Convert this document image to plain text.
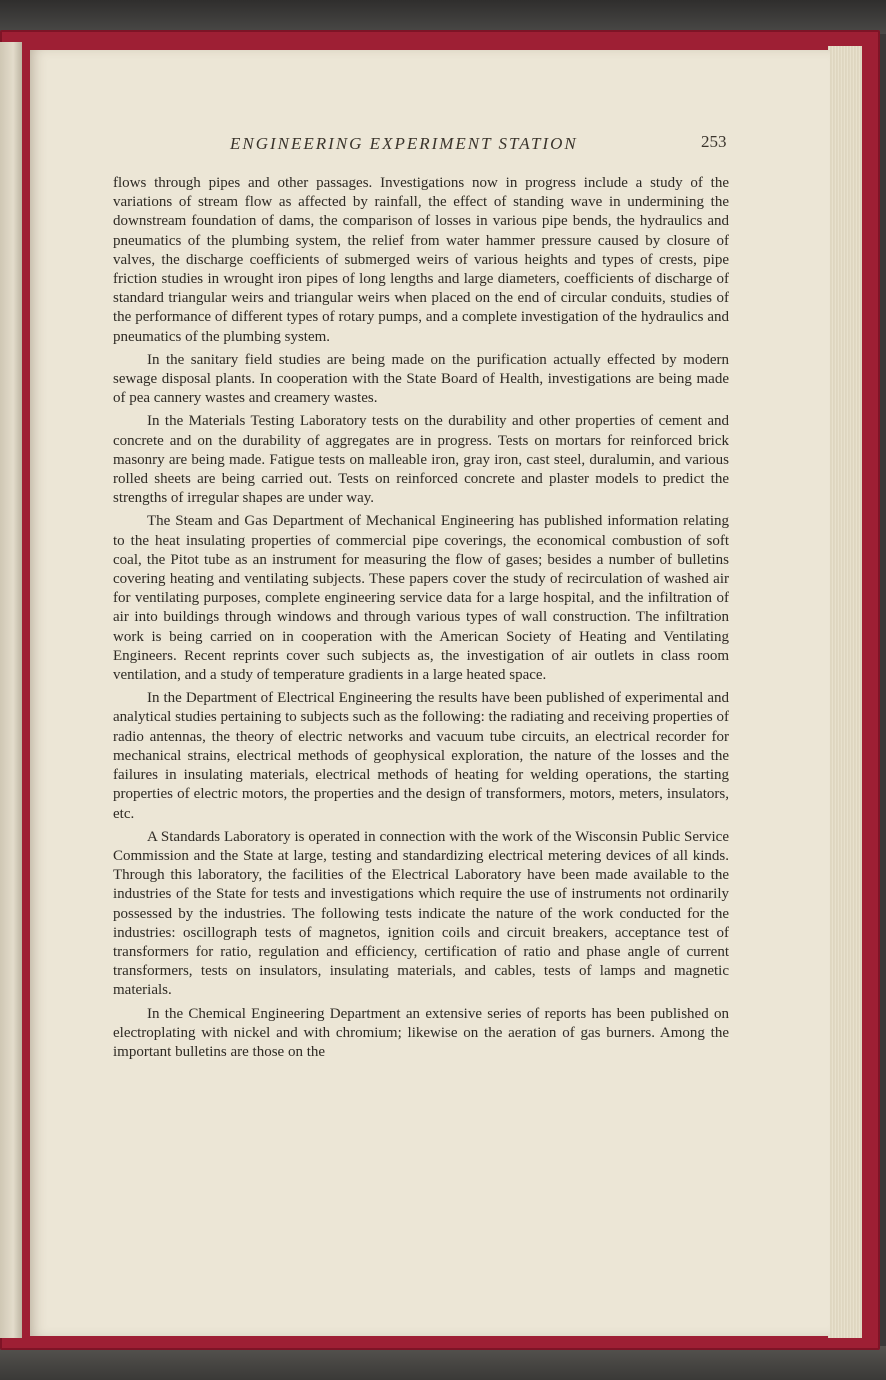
ENGINEERING EXPERIMENT STATION	253

flows through pipes and other passages. Investigations now in progress include a study of the variations of stream flow as affected by rainfall, the effect of standing wave in undermining the downstream foundation of dams, the comparison of losses in various pipe bends, the hydraulics and pneumatics of the plumbing system, the relief from water hammer pressure caused by closure of valves, the discharge coefficients of submerged weirs of various heights and types of crests, pipe friction studies in wrought iron pipes of long lengths and large diameters, coefficients of discharge of standard triangular weirs and triangular weirs when placed on the end of circular conduits, studies of the performance of different types of rotary pumps, and a complete investigation of the hydraulics and pneumatics of the plumbing system.

In the sanitary field studies are being made on the purification actually effected by modern sewage disposal plants. In cooperation with the State Board of Health, investigations are being made of pea cannery wastes and creamery wastes.

In the Materials Testing Laboratory tests on the durability and other properties of cement and concrete and on the durability of aggregates are in progress. Tests on mortars for reinforced brick masonry are being made. Fatigue tests on malleable iron, gray iron, cast steel, duralumin, and various rolled sheets are being carried out. Tests on reinforced concrete and plaster models to predict the strengths of irregular shapes are under way.

The Steam and Gas Department of Mechanical Engineering has published information relating to the heat insulating properties of commercial pipe coverings, the economical combustion of soft coal, the Pitot tube as an instrument for measuring the flow of gases; besides a number of bulletins covering heating and ventilating subjects. These papers cover the study of recirculation of washed air for ventilating purposes, complete engineering service data for a large hospital, and the infiltration of air into buildings through windows and through various types of wall construction. The infiltration work is being carried on in cooperation with the American Society of Heating and Ventilating Engineers. Recent reprints cover such subjects as, the investigation of air outlets in class room ventilation, and a study of temperature gradients in a large heated space.

In the Department of Electrical Engineering the results have been published of experimental and analytical studies pertaining to subjects such as the following: the radiating and receiving properties of radio antennas, the theory of electric networks and vacuum tube circuits, an electrical recorder for mechanical strains, electrical methods of geophysical exploration, the nature of the losses and the failures in insulating materials, electrical methods of heating for welding operations, the starting properties of electric motors, the properties and the design of transformers, motors, meters, insulators, etc.

A Standards Laboratory is operated in connection with the work of the Wisconsin Public Service Commission and the State at large, testing and standardizing electrical metering devices of all kinds. Through this laboratory, the facilities of the Electrical Laboratory have been made available to the industries of the State for tests and investigations which require the use of instruments not ordinarily possessed by the industries. The following tests indicate the nature of the work conducted for the industries: oscillograph tests of magnetos, ignition coils and circuit breakers, acceptance test of transformers for ratio, regulation and efficiency, certification of ratio and phase angle of current transformers, tests on insulators, insulating materials, and cables, tests of lamps and magnetic materials.

In the Chemical Engineering Department an extensive series of reports has been published on electroplating with nickel and with chromium; likewise on the aeration of gas burners. Among the important bulletins are those on the
